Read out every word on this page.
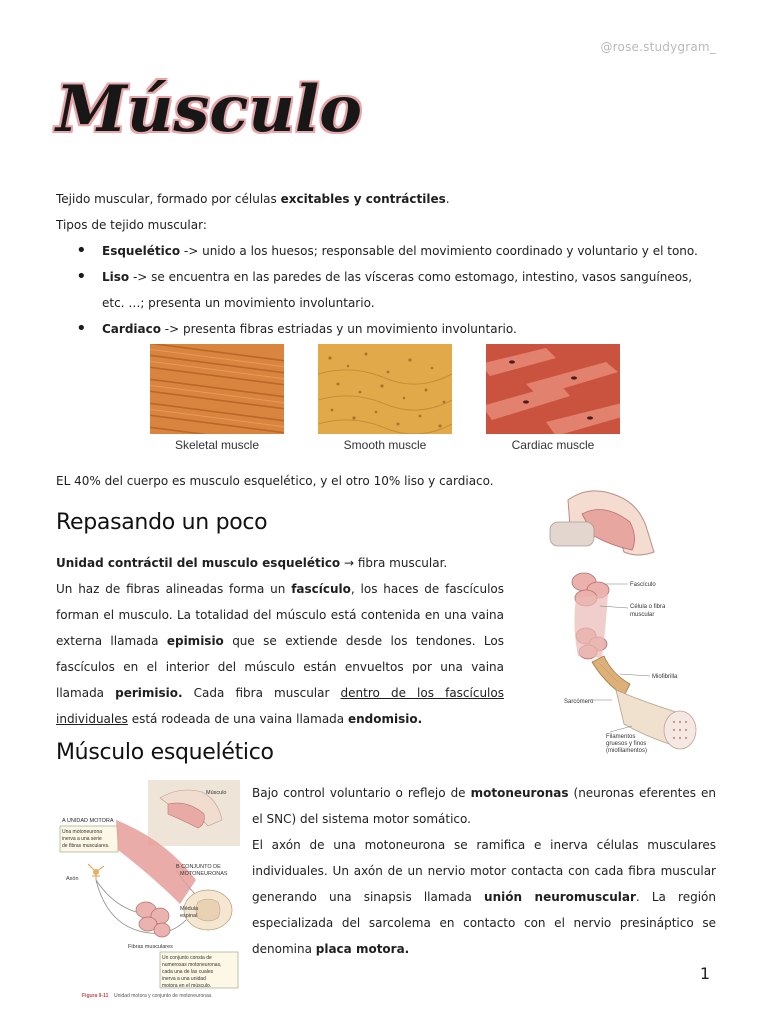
@rose.studygram_
Músculo

Tejido muscular, formado por células excitables y contráctiles.

Tipos de tejido muscular:

• Esquelético -> unido a los huesos; responsable del movimiento coordinado y voluntario y el tono.
• Liso -> se encuentra en las paredes de las vísceras como estomago, intestino, vasos sanguíneos, etc. …; presenta un movimiento involuntario.
• Cardiaco -> presenta fibras estriadas y un movimiento involuntario.
Skeletal muscle	Smooth muscle	Cardiac muscle

EL 40% del cuerpo es musculo esquelético, y el otro 10% liso y cardiaco.

Repasando un poco

Unidad contráctil del musculo esquelético → fibra muscular.

Un haz de fibras alineadas forma un fascículo, los haces de fascículos forman el musculo. La totalidad del músculo está contenida en una vaina externa llamada epimisio que se extiende desde los tendones. Los fascículos en el interior del músculo están envueltos por una vaina llamada perimisio. Cada fibra muscular dentro de los fascículos individuales está rodeada de una vaina llamada endomisio.

Fascículo
Célula o fibra
muscular
Miofibrilla
Sarcómero
Filamentos
gruesos y finos
(miofilamentos)
Músculo esquelético
Músculo
A UNIDAD MOTORA
Una motoneurona
inerva a una serie
de fibras musculares.
Axón
B CONJUNTO DE
MOTONEURONAS
Médula
espinal
Fibras musculares
Un conjunto consta de
numerosas motoneuronas,
cada una de las cuales
inerva a una unidad
motora en el músculo.
Figura 9-11 Unidad motora y conjunto de motoneuronas.

Bajo control voluntario o reflejo de motoneuronas (neuronas eferentes en el SNC) del sistema motor somático.

El axón de una motoneurona se ramifica e inerva células musculares individuales. Un axón de un nervio motor contacta con cada fibra muscular generando una sinapsis llamada unión neuromuscular. La región especializada del sarcolema en contacto con el nervio presináptico se denomina placa motora.

1
